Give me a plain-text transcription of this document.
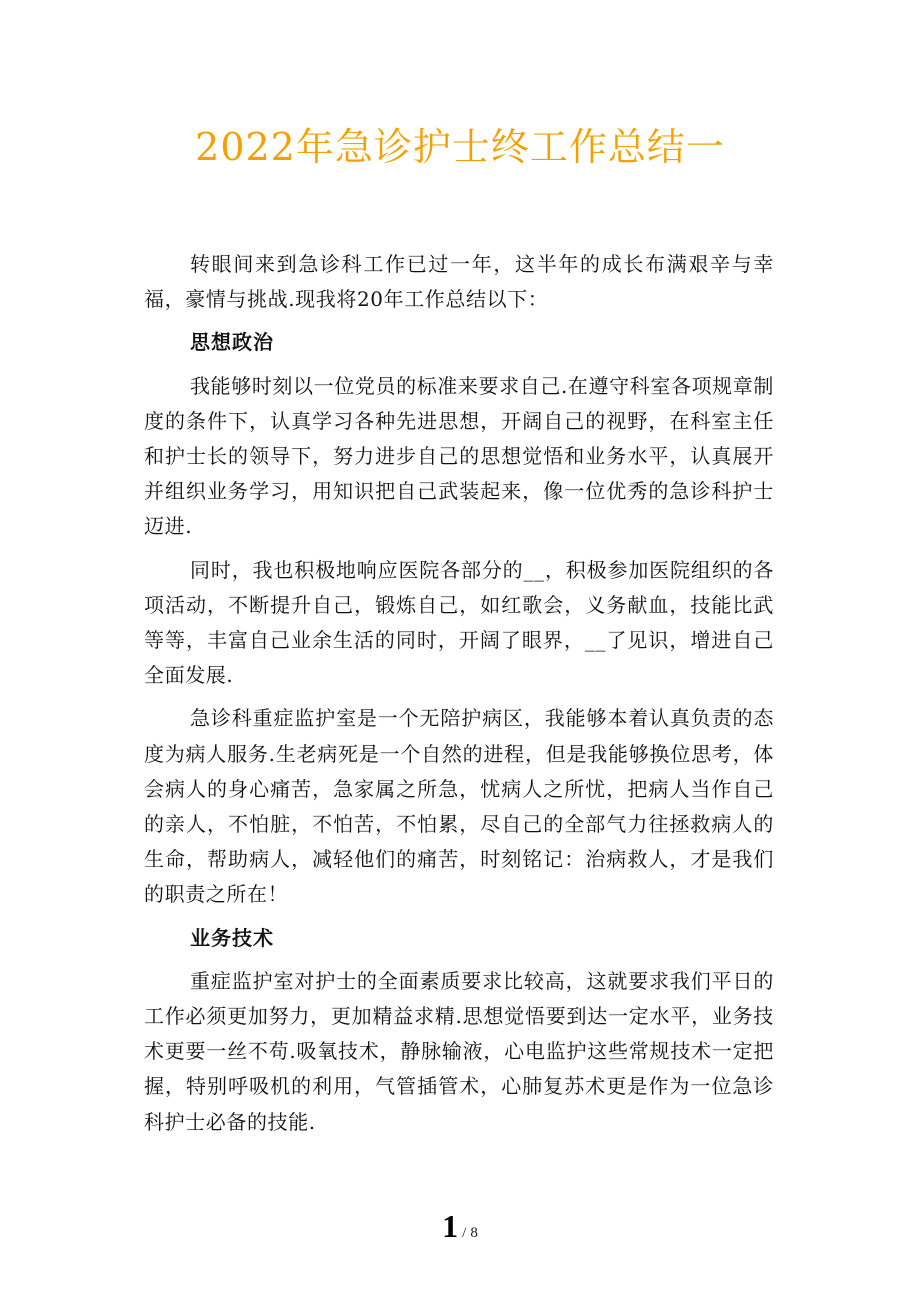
2022年急诊护士终工作总结一

转眼间来到急诊科工作已过一年，这半年的成长布满艰辛与幸福，豪情与挑战.现我将20年工作总结以下：

思想政治

我能够时刻以一位党员的标准来要求自己.在遵守科室各项规章制度的条件下，认真学习各种先进思想，开阔自己的视野，在科室主任和护士长的领导下，努力进步自己的思想觉悟和业务水平，认真展开并组织业务学习，用知识把自己武装起来，像一位优秀的急诊科护士迈进.

同时，我也积极地响应医院各部分的__，积极参加医院组织的各项活动，不断提升自己，锻炼自己，如红歌会，义务献血，技能比武等等，丰富自己业余生活的同时，开阔了眼界，__了见识，增进自己全面发展.

急诊科重症监护室是一个无陪护病区，我能够本着认真负责的态度为病人服务.生老病死是一个自然的进程，但是我能够换位思考，体会病人的身心痛苦，急家属之所急，忧病人之所忧，把病人当作自己的亲人，不怕脏，不怕苦，不怕累，尽自己的全部气力往拯救病人的生命，帮助病人，减轻他们的痛苦，时刻铭记：治病救人，才是我们的职责之所在！

业务技术

重症监护室对护士的全面素质要求比较高，这就要求我们平日的工作必须更加努力，更加精益求精.思想觉悟要到达一定水平，业务技术更要一丝不苟.吸氧技术，静脉输液，心电监护这些常规技术一定把握，特别呼吸机的利用，气管插管术，心肺复苏术更是作为一位急诊科护士必备的技能.

1 / 8
